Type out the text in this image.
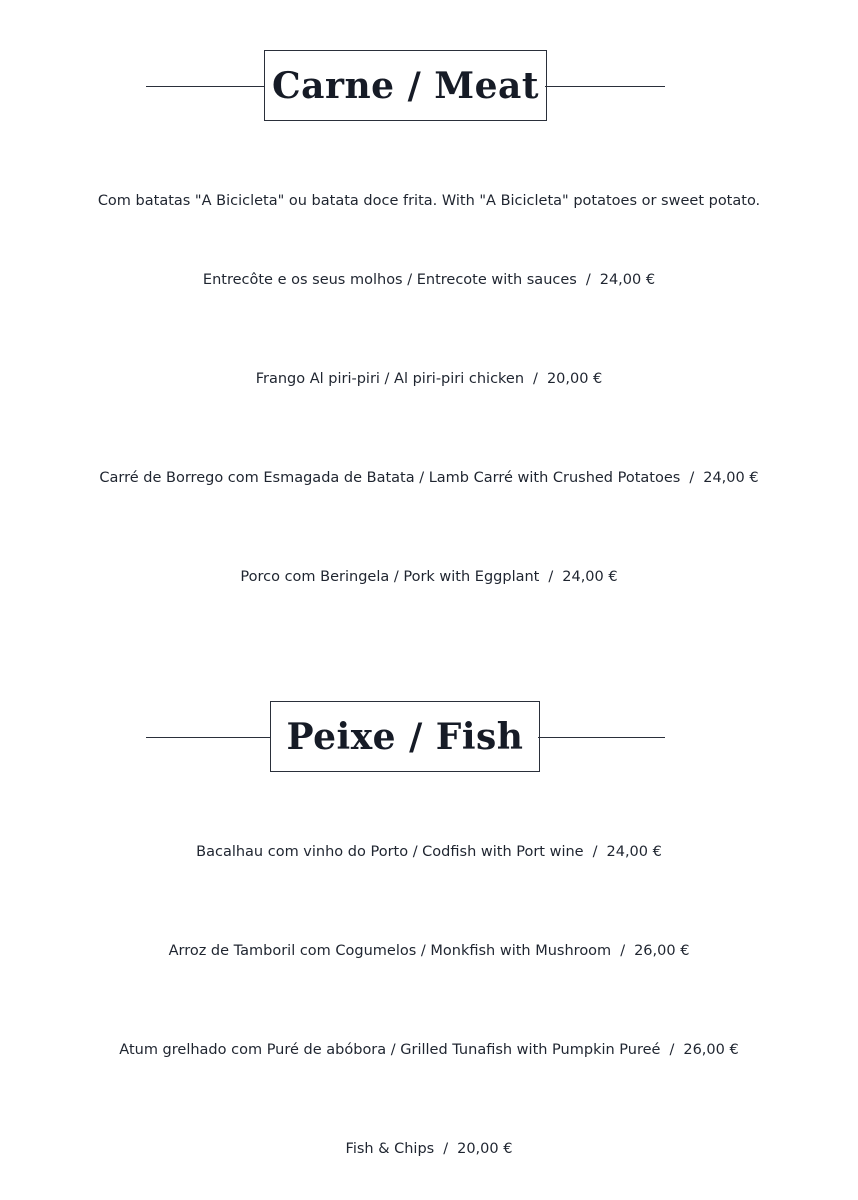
Carne / Meat
Com batatas "A Bicicleta" ou batata doce frita. With "A Bicicleta" potatoes or sweet potato.
Entrecôte e os seus molhos / Entrecote with sauces / 24,00 €
Frango Al piri-piri / Al piri-piri chicken / 20,00 €
Carré de Borrego com Esmagada de Batata / Lamb Carré with Crushed Potatoes / 24,00 €
Porco com Beringela / Pork with Eggplant / 24,00 €
Peixe / Fish
Bacalhau com vinho do Porto / Codfish with Port wine / 24,00 €
Arroz de Tamboril com Cogumelos / Monkfish with Mushroom / 26,00 €
Atum grelhado com Puré de abóbora / Grilled Tunafish with Pumpkin Pureé / 26,00 €
Fish & Chips / 20,00 €
